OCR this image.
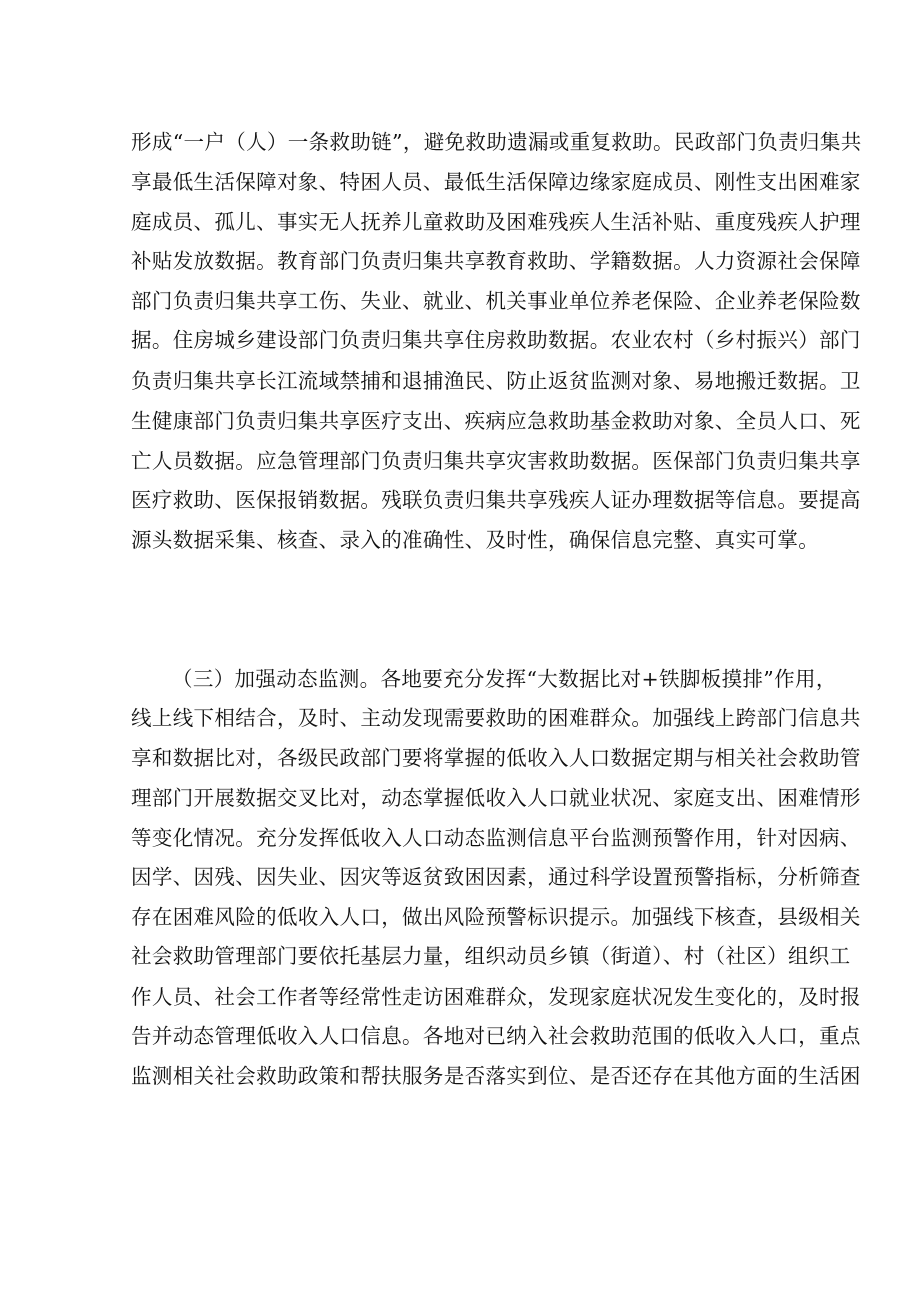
形成“一户（人）一条救助链”，避免救助遗漏或重复救助。民政部门负责归集共
享最低生活保障对象、特困人员、最低生活保障边缘家庭成员、刚性支出困难家
庭成员、孤儿、事实无人抚养儿童救助及困难残疾人生活补贴、重度残疾人护理
补贴发放数据。教育部门负责归集共享教育救助、学籍数据。人力资源社会保障
部门负责归集共享工伤、失业、就业、机关事业单位养老保险、企业养老保险数
据。住房城乡建设部门负责归集共享住房救助数据。农业农村（乡村振兴）部门
负责归集共享长江流域禁捕和退捕渔民、防止返贫监测对象、易地搬迁数据。卫
生健康部门负责归集共享医疗支出、疾病应急救助基金救助对象、全员人口、死
亡人员数据。应急管理部门负责归集共享灾害救助数据。医保部门负责归集共享
医疗救助、医保报销数据。残联负责归集共享残疾人证办理数据等信息。要提高
源头数据采集、核查、录入的准确性、及时性，确保信息完整、真实可掌。
（三）加强动态监测。各地要充分发挥“大数据比对+铁脚板摸排”作用，
线上线下相结合，及时、主动发现需要救助的困难群众。加强线上跨部门信息共
享和数据比对，各级民政部门要将掌握的低收入人口数据定期与相关社会救助管
理部门开展数据交叉比对，动态掌握低收入人口就业状况、家庭支出、困难情形
等变化情况。充分发挥低收入人口动态监测信息平台监测预警作用，针对因病、
因学、因残、因失业、因灾等返贫致困因素，通过科学设置预警指标，分析筛查
存在困难风险的低收入人口，做出风险预警标识提示。加强线下核查，县级相关
社会救助管理部门要依托基层力量，组织动员乡镇（街道）、村（社区）组织工
作人员、社会工作者等经常性走访困难群众，发现家庭状况发生变化的，及时报
告并动态管理低收入人口信息。各地对已纳入社会救助范围的低收入人口，重点
监测相关社会救助政策和帮扶服务是否落实到位、是否还存在其他方面的生活困
